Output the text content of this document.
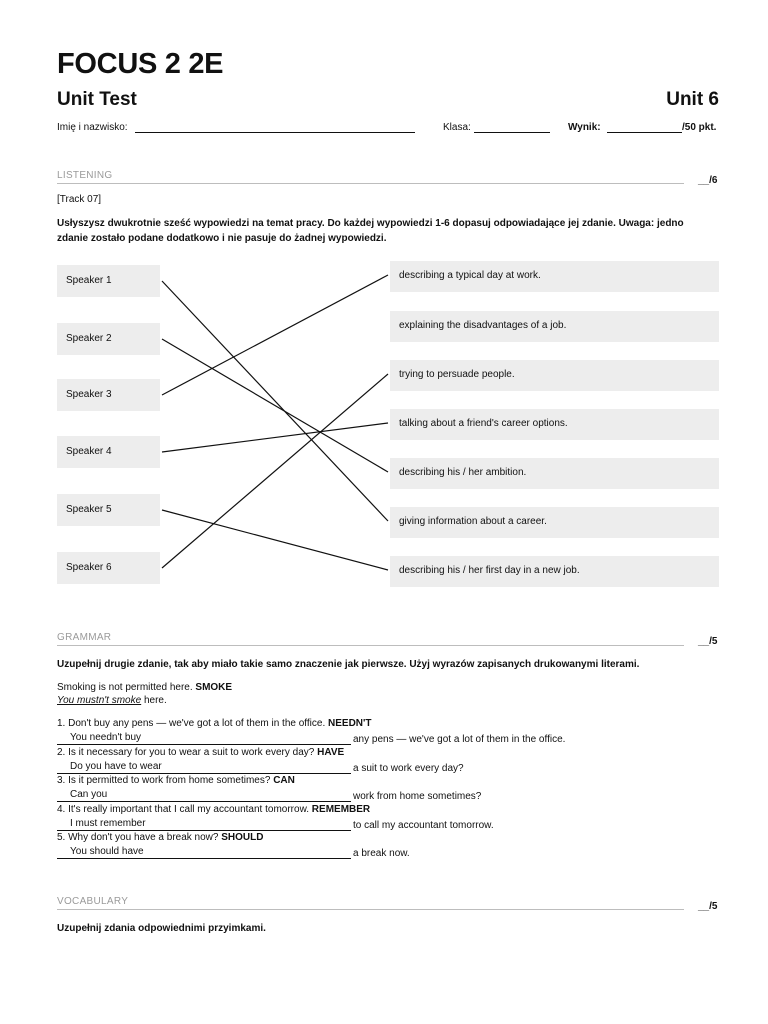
FOCUS 2 2E
Unit Test	Unit 6
Imię i nazwisko:	Klasa:	Wynik:	/50 pkt.
LISTENING	__/6
[Track 07]
Usłyszysz dwukrotnie sześć wypowiedzi na temat pracy. Do każdej wypowiedzi 1-6 dopasuj odpowiadające jej zdanie. Uwaga: jedno zdanie zostało podane dodatkowo i nie pasuje do żadnej wypowiedzi.
Speaker 1
Speaker 2
Speaker 3
Speaker 4
Speaker 5
Speaker 6
describing a typical day at work.
explaining the disadvantages of a job.
trying to persuade people.
talking about a friend's career options.
describing his / her ambition.
giving information about a career.
describing his / her first day in a new job.
GRAMMAR	__/5
Uzupełnij drugie zdanie, tak aby miało takie samo znaczenie jak pierwsze. Użyj wyrazów zapisanych drukowanymi literami.
Smoking is not permitted here. SMOKE
You mustn't smoke here.
1. Don't buy any pens — we've got a lot of them in the office. NEEDN'T
You needn't buy	any pens — we've got a lot of them in the office.
2. Is it necessary for you to wear a suit to work every day? HAVE
Do you have to wear	a suit to work every day?
3. Is it permitted to work from home sometimes? CAN
Can you	work from home sometimes?
4. It's really important that I call my accountant tomorrow. REMEMBER
I must remember	to call my accountant tomorrow.
5. Why don't you have a break now? SHOULD
You should have	a break now.
VOCABULARY	__/5
Uzupełnij zdania odpowiednimi przyimkami.
